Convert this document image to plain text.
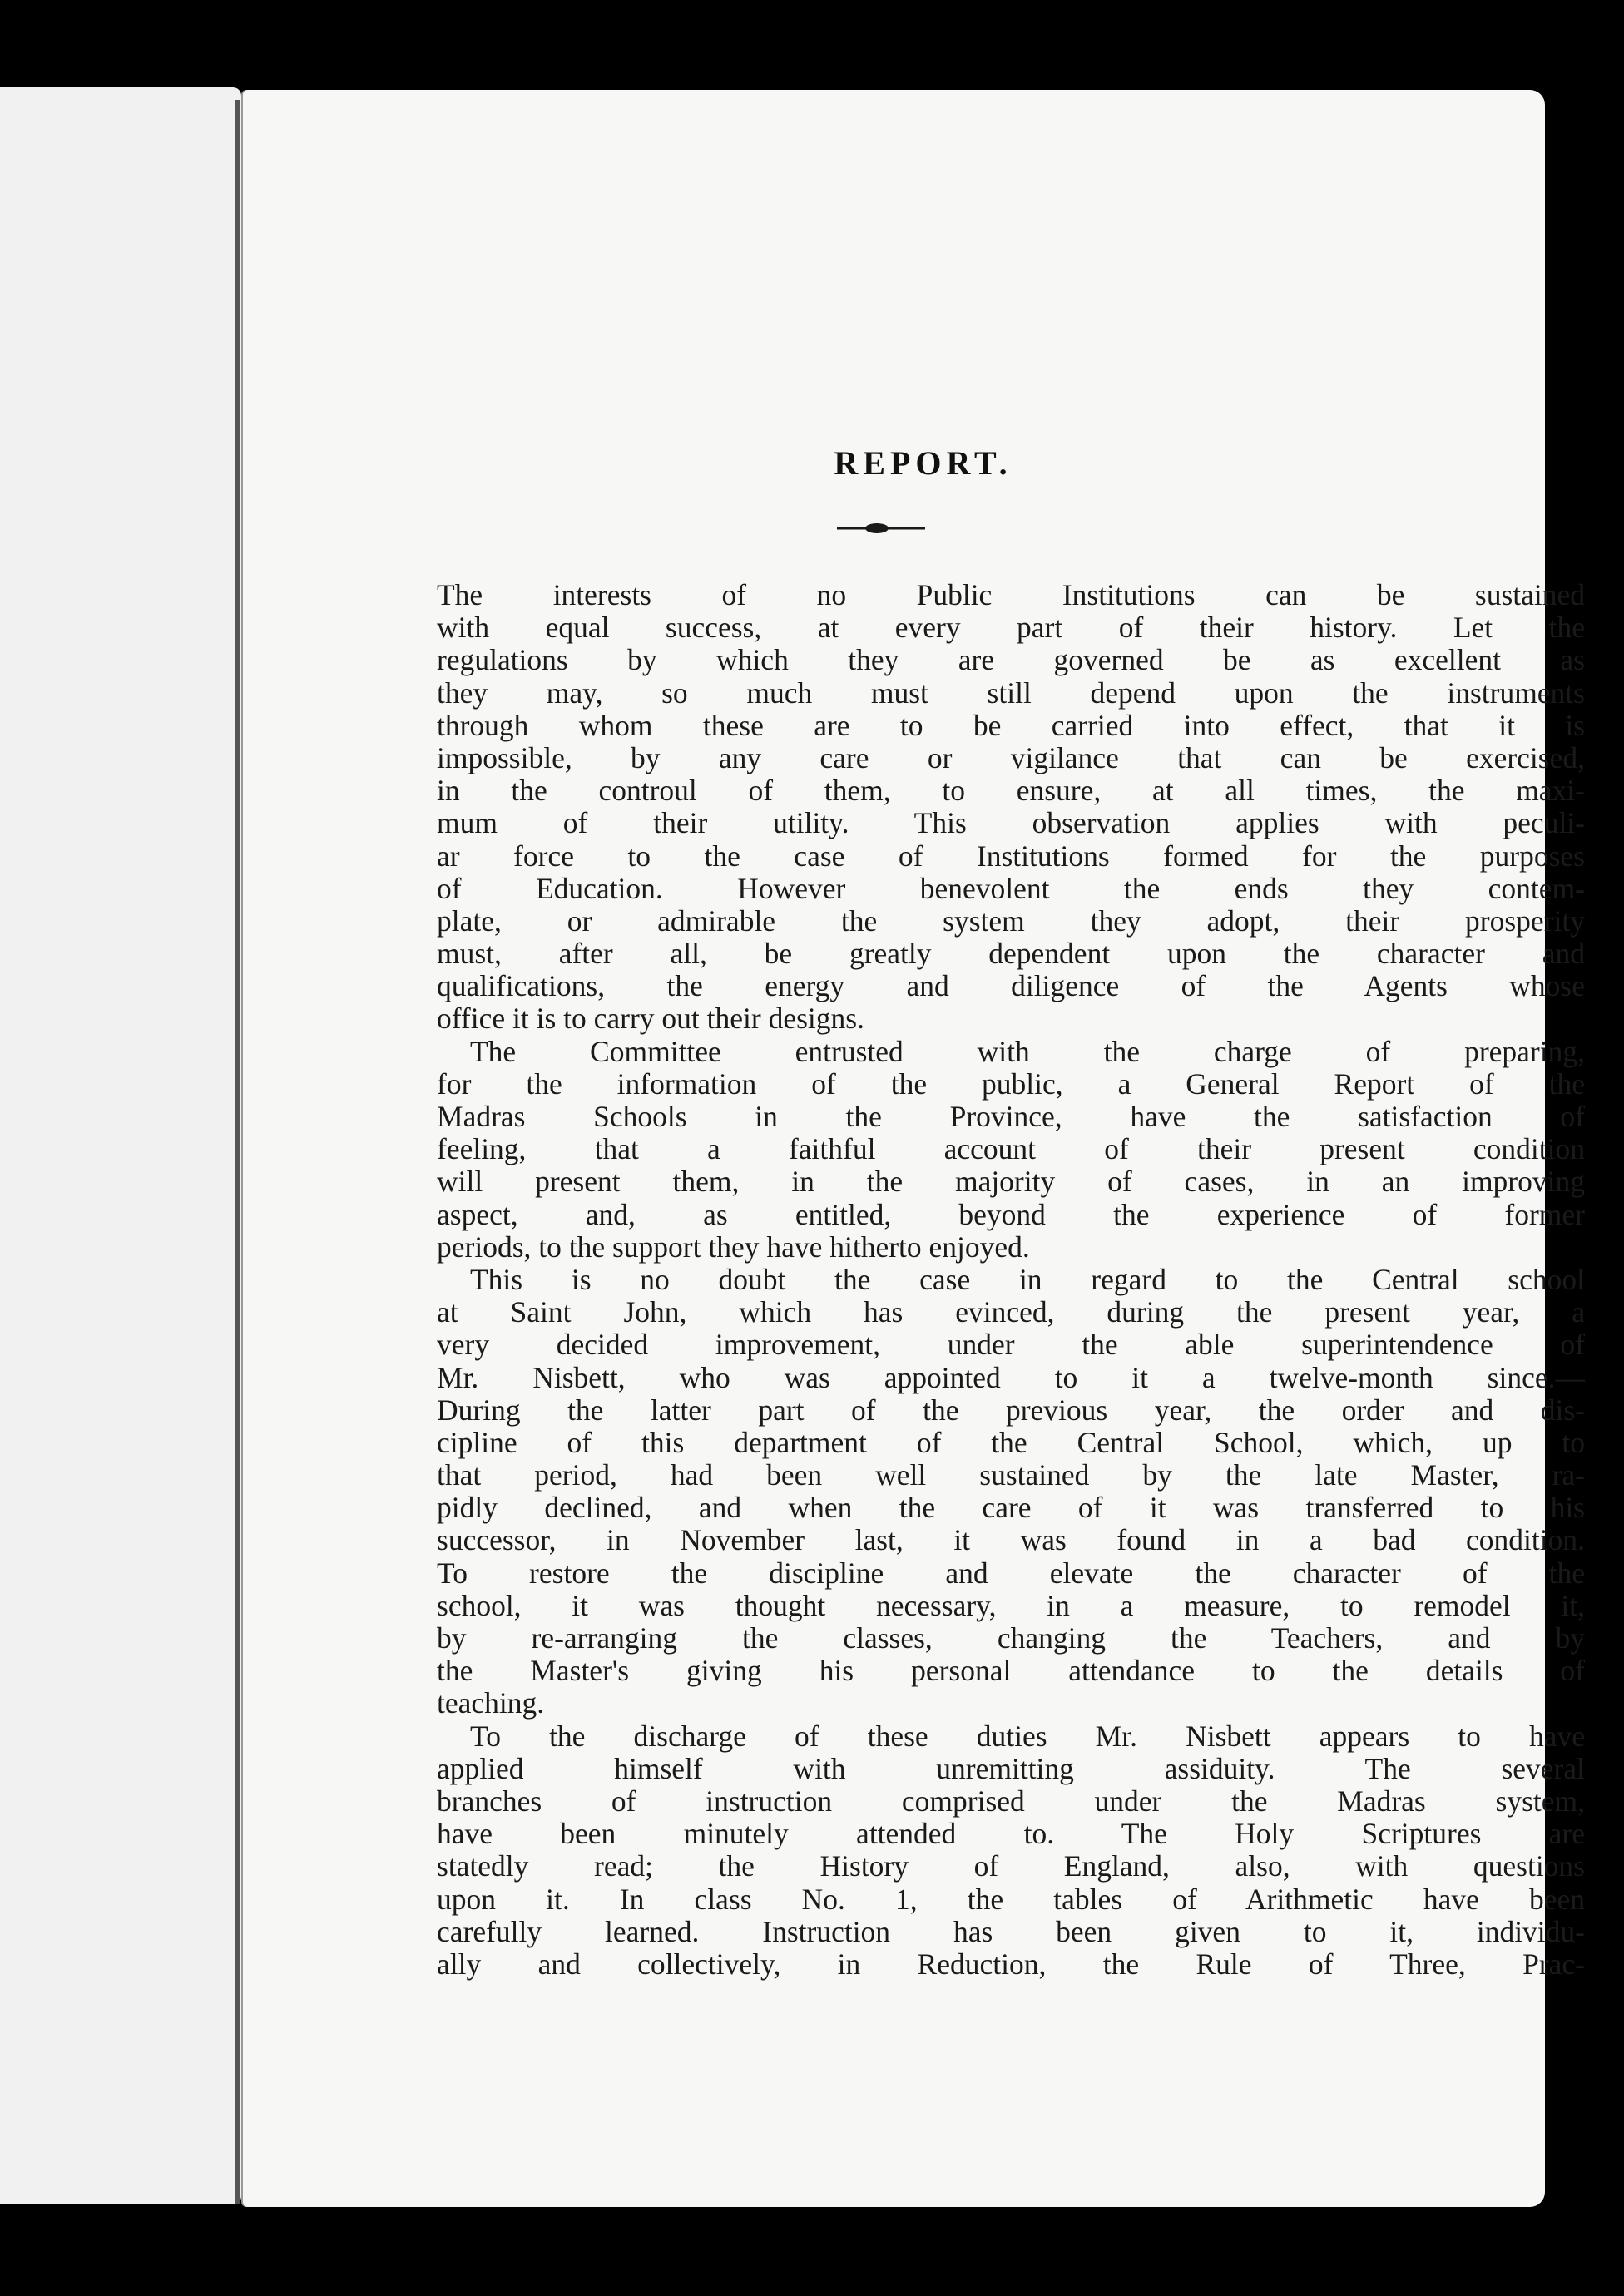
REPORT.
The interests of no Public Institutions can be sustained
with equal success, at every part of their history. Let the
regulations by which they are governed be as excellent as
they may, so much must still depend upon the instruments
through whom these are to be carried into effect, that it is
impossible, by any care or vigilance that can be exercised,
in the controul of them, to ensure, at all times, the maxi-
mum of their utility. This observation applies with peculi-
ar force to the case of Institutions formed for the purposes
of Education. However benevolent the ends they contem-
plate, or admirable the system they adopt, their prosperity
must, after all, be greatly dependent upon the character and
qualifications, the energy and diligence of the Agents whose
office it is to carry out their designs.
The Committee entrusted with the charge of preparing,
for the information of the public, a General Report of the
Madras Schools in the Province, have the satisfaction of
feeling, that a faithful account of their present condition
will present them, in the majority of cases, in an improving
aspect, and, as entitled, beyond the experience of former
periods, to the support they have hitherto enjoyed.
This is no doubt the case in regard to the Central school
at Saint John, which has evinced, during the present year, a
very decided improvement, under the able superintendence of
Mr. Nisbett, who was appointed to it a twelve-month since.—
During the latter part of the previous year, the order and dis-
cipline of this department of the Central School, which, up to
that period, had been well sustained by the late Master, ra-
pidly declined, and when the care of it was transferred to his
successor, in November last, it was found in a bad condition.
To restore the discipline and elevate the character of the
school, it was thought necessary, in a measure, to remodel it,
by re-arranging the classes, changing the Teachers, and by
the Master's giving his personal attendance to the details of
teaching.
To the discharge of these duties Mr. Nisbett appears to have
applied himself with unremitting assiduity. The several
branches of instruction comprised under the Madras system,
have been minutely attended to. The Holy Scriptures are
statedly read; the History of England, also, with questions
upon it. In class No. 1, the tables of Arithmetic have been
carefully learned. Instruction has been given to it, individu-
ally and collectively, in Reduction, the Rule of Three, Prac-
